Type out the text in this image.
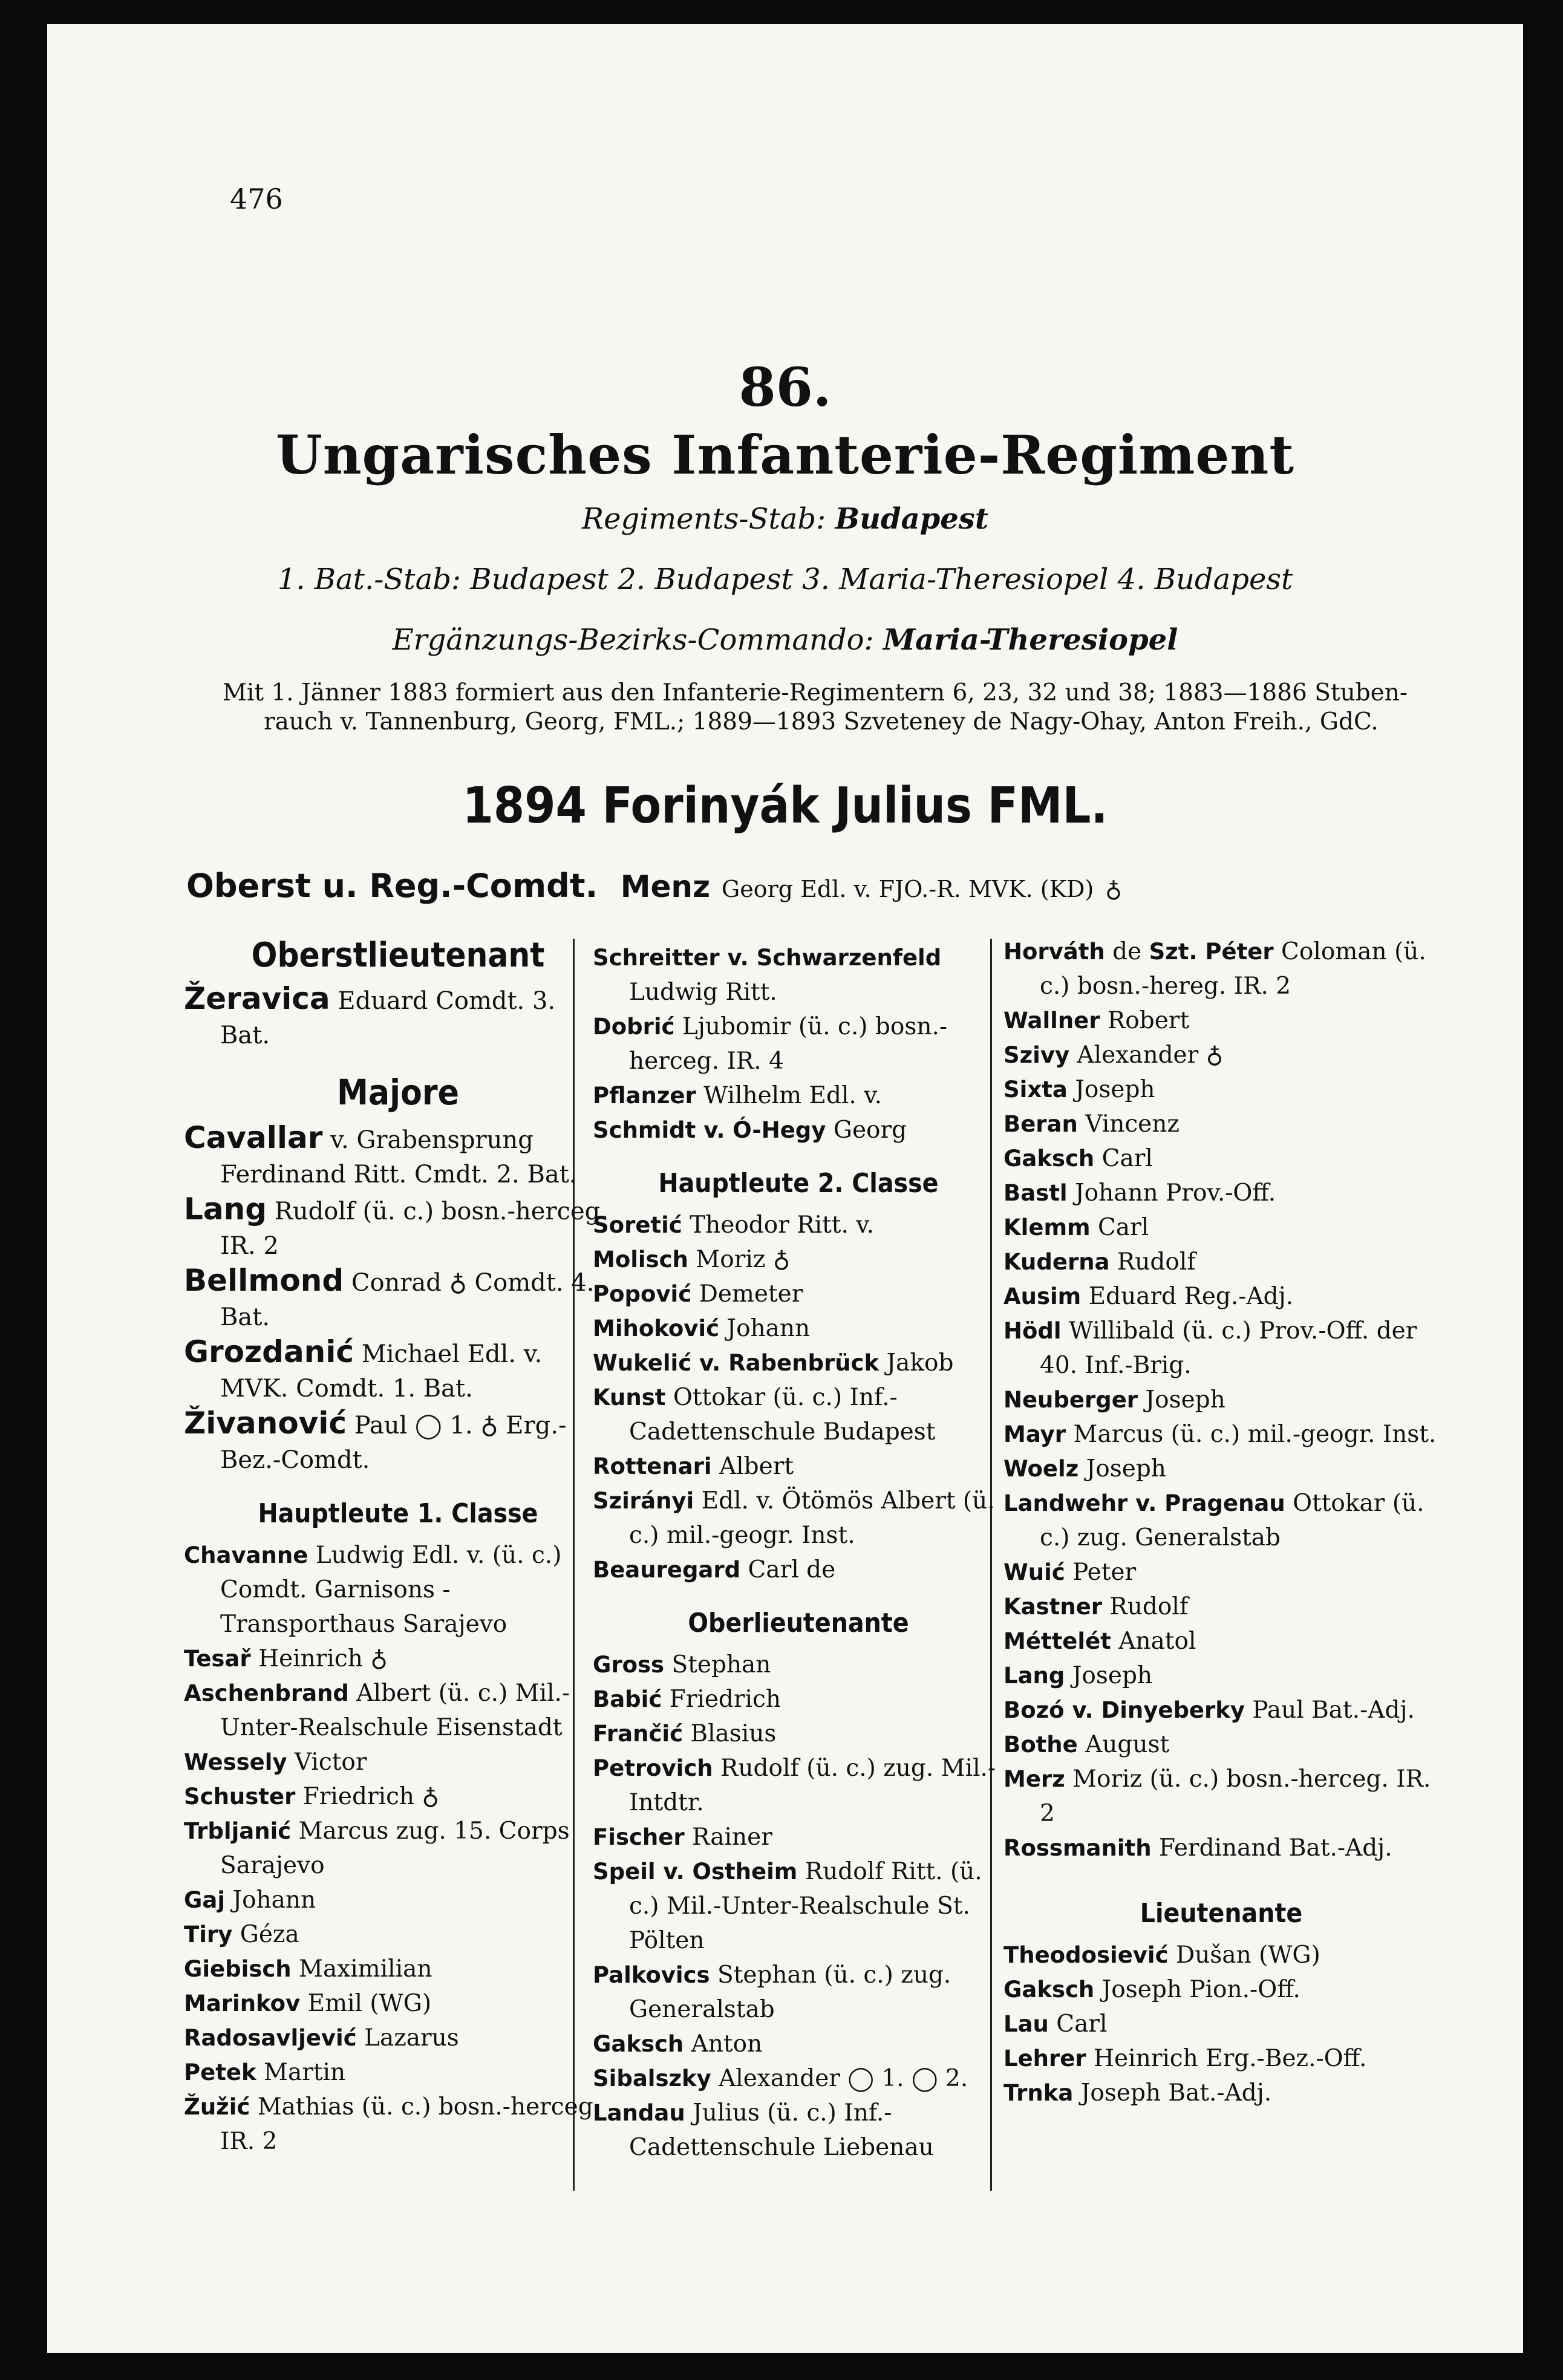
476
86.
Ungarisches Infanterie-Regiment
Regiments-Stab: Budapest
1. Bat.-Stab: Budapest 2. Budapest 3. Maria-Theresiopel 4. Budapest
Ergänzungs-Bezirks-Commando: Maria-Theresiopel
Mit 1. Jänner 1883 formiert aus den Infanterie-Regimentern 6, 23, 32 und 38; 1883—1886 Stuben-
rauch v. Tannenburg, Georg, FML.; 1889—1893 Szveteney de Nagy-Ohay, Anton Freih., GdC.
1894 Forinyák Julius FML.
Oberst u. Reg.-Comdt. Menz Georg Edl. v. FJO.-R. MVK. (KD) ♁
Oberstlieutenant
Žeravica Eduard Comdt. 3. Bat.
Majore
Cavallar v. Grabensprung Ferdinand Ritt. Cmdt. 2. Bat.
Lang Rudolf (ü. c.) bosn.-herceg. IR. 2
Bellmond Conrad ♁ Comdt. 4. Bat.
Grozdanić Michael Edl. v. MVK. Comdt. 1. Bat.
Živanović Paul ◯ 1. ♁ Erg.-Bez.-Comdt.
Hauptleute 1. Classe
Chavanne Ludwig Edl. v. (ü. c.) Comdt. Garnisons - Transporthaus Sarajevo
Tesař Heinrich ♁
Aschenbrand Albert (ü. c.) Mil.-Unter-Realschule Eisenstadt
Wessely Victor
Schuster Friedrich ♁
Trbljanić Marcus zug. 15. Corps Sarajevo
Gaj Johann
Tiry Géza
Giebisch Maximilian
Marinkov Emil (WG)
Radosavljević Lazarus
Petek Martin
Žužić Mathias (ü. c.) bosn.-herceg. IR. 2
Schreitter v. Schwarzenfeld Ludwig Ritt.
Dobrić Ljubomir (ü. c.) bosn.-herceg. IR. 4
Pflanzer Wilhelm Edl. v.
Schmidt v. Ó-Hegy Georg
Hauptleute 2. Classe
Soretić Theodor Ritt. v.
Molisch Moriz ♁
Popović Demeter
Mihoković Johann
Wukelić v. Rabenbrück Jakob
Kunst Ottokar (ü. c.) Inf.-Cadettenschule Budapest
Rottenari Albert
Szirányi Edl. v. Ötömös Albert (ü. c.) mil.-geogr. Inst.
Beauregard Carl de
Oberlieutenante
Gross Stephan
Babić Friedrich
Frančić Blasius
Petrovich Rudolf (ü. c.) zug. Mil.-Intdtr.
Fischer Rainer
Speil v. Ostheim Rudolf Ritt. (ü. c.) Mil.-Unter-Realschule St. Pölten
Palkovics Stephan (ü. c.) zug. Generalstab
Gaksch Anton
Sibalszky Alexander ◯ 1. ◯ 2.
Landau Julius (ü. c.) Inf.-Cadettenschule Liebenau
Horváth de Szt. Péter Coloman (ü. c.) bosn.-hereg. IR. 2
Wallner Robert
Szivy Alexander ♁
Sixta Joseph
Beran Vincenz
Gaksch Carl
Bastl Johann Prov.-Off.
Klemm Carl
Kuderna Rudolf
Ausim Eduard Reg.-Adj.
Hödl Willibald (ü. c.) Prov.-Off. der 40. Inf.-Brig.
Neuberger Joseph
Mayr Marcus (ü. c.) mil.-geogr. Inst.
Woelz Joseph
Landwehr v. Pragenau Ottokar (ü. c.) zug. Generalstab
Wuić Peter
Kastner Rudolf
Méttelét Anatol
Lang Joseph
Bozó v. Dinyeberky Paul Bat.-Adj.
Bothe August
Merz Moriz (ü. c.) bosn.-herceg. IR. 2
Rossmanith Ferdinand Bat.-Adj.
Lieutenante
Theodosiević Dušan (WG)
Gaksch Joseph Pion.-Off.
Lau Carl
Lehrer Heinrich Erg.-Bez.-Off.
Trnka Joseph Bat.-Adj.
